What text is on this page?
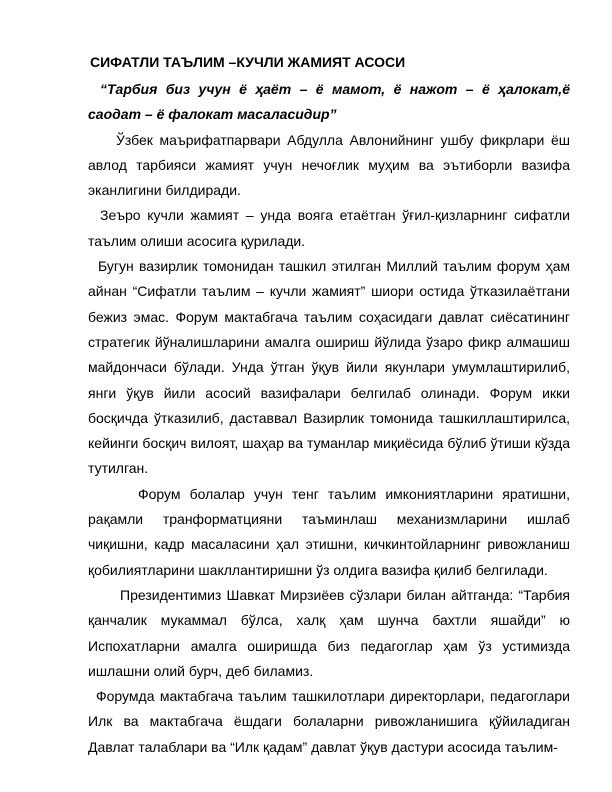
СИФАТЛИ ТАЪЛИМ –КУЧЛИ ЖАМИЯТ АСОСИ

“Тарбия биз учун ё ҳаёт – ё мамот, ё нажот – ё ҳалокат,ё саодат – ё фалокат масаласидир”

Ўзбек маърифатпарвари Абдулла Авлонийнинг ушбу фикрлари ёш авлод тарбияси жамият учун нечоғлик муҳим ва эътиборли вазифа эканлигини билдиради.

Зеъро кучли жамият – унда вояга етаётган ўғил-қизларнинг сифатли таълим олиши асосига қурилади.

Бугун вазирлик томонидан ташкил этилган Миллий таълим форум ҳам айнан “Сифатли таълим – кучли жамият” шиори остида ўтказилаётгани бежиз эмас. Форум мактабгача таълим соҳасидаги давлат сиёсатининг стратегик йўналишларини амалга ошириш йўлида ўзаро фикр алмашиш майдончаси бўлади. Унда ўтган ўқув йили якунлари умумлаштирилиб, янги ўқув йили асосий вазифалари белгилаб олинади. Форум икки босқичда ўтказилиб, даставвал Вазирлик томонида ташкиллаштирилса, кейинги босқич вилоят, шаҳар ва туманлар миқиёсида бўлиб ўтиши кўзда тутилган.

Форум болалар учун тенг таълим имкониятларини яратишни, рақамли транформатцияни таъминлаш механизмларини ишлаб чиқишни, кадр масаласини ҳал этишни, кичкинтойларнинг ривожланиш қобилиятларини шакллантиришни ўз олдига вазифа қилиб белгилади.

Президентимиз Шавкат Мирзиёев сўзлари билан айтганда: “Тарбия қанчалик мукаммал бўлса, халқ ҳам шунча бахтли яшайди” ю Испохатларни амалга оширишда биз педагоглар ҳам ўз устимизда ишлашни олий бурч, деб биламиз.

Форумда мактабгача таълим ташкилотлари директорлари, педагоглари Илк ва мактабгача ёшдаги болаларни ривожланишига қўйиладиган Давлат талаблари ва “Илк қадам” давлат ўқув дастури асосида таълим-
